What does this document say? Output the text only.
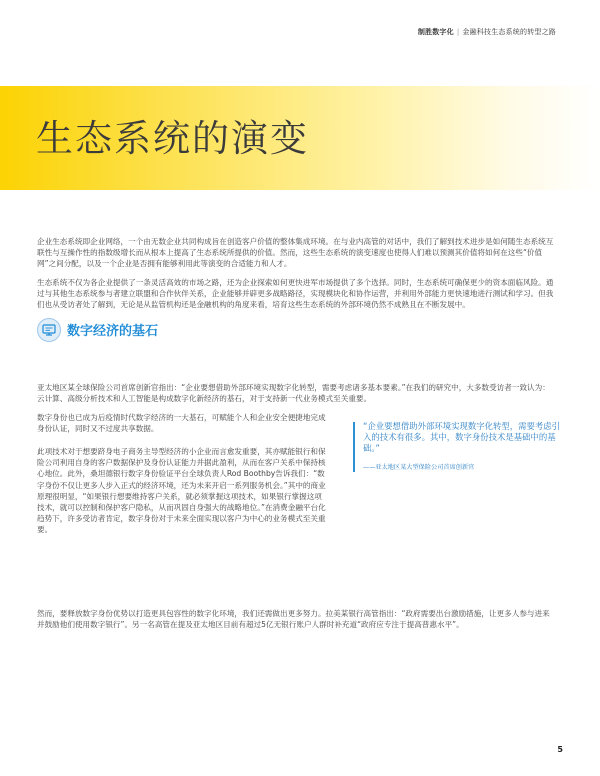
制胜数字化 | 金融科技生态系统的转型之路
生态系统的演变

企业生态系统即企业网络，一个由无数企业共同构成旨在创造客户价值的整体集成环境。在与业内高管的对话中，我们了解到技术进步是如何随生态系统互联性与互操作性的指数级增长而从根本上提高了生态系统所提供的价值。然而，这些生态系统的演变速度也使得人们难以预测其价值将如何在这些“价值网”之间分配，以及一个企业是否拥有能够利用此等演变的合适能力和人才。

生态系统不仅为各企业提供了一条灵活高效的市场之路，还为企业探索如何更快进军市场提供了多个选择。同时，生态系统可确保更少的资本面临风险。通过与其他生态系统参与者建立联盟和合作伙伴关系，企业能够并辟更多战略路径，实现模块化和协作运营，并利用外部能力更快速地进行测试和学习。但我们也从受访者处了解到，无论是从监管机构还是金融机构的角度来看，培育这些生态系统的外部环境仍然不成熟且在不断发展中。

数字经济的基石

亚太地区某全球保险公司首席创新官指出：“企业要想借助外部环境实现数字化转型，需要考虑诸多基本要素。”在我们的研究中，大多数受访者一致认为：云计算、高级分析技术和人工智能是构成数字化新经济的基石，对于支持新一代业务模式至关重要。

数字身份也已成为后疫情时代数字经济的一大基石，可赋能个人和企业安全便捷地完成身份认证，同时又不过度共享数据。

此项技术对于想要跻身电子商务主导型经济的小企业而言愈发重要，其亦赋能银行和保险公司利用自身的客户数据保护及身份认证能力并据此盈利，从而在客户关系中保持核心地位。此外，桑坦德银行数字身份验证平台全球负责人Rod Boothby告诉我们：“数字身份不仅让更多人步入正式的经济环境，还为未来开启一系列服务机会。”其中的商业原理很明显，“如果银行想要维持客户关系，就必须掌握这项技术，如果银行掌握这项技术，就可以控制和保护客户隐私，从而巩固自身强大的战略地位。”在消费金融平台化趋势下，许多受访者肯定，数字身份对于未来全面实现以客户为中心的业务模式至关重要。

“企业要想借助外部环境实现数字化转型，需要考虑引入的技术有很多。其中，数字身份技术是基础中的基础。”
——亚太地区某大型保险公司首席创新官

然而，要释放数字身份优势以打造更具包容性的数字化环境，我们还需做出更多努力。拉美某银行高管指出：“政府需要出台激励措施，让更多人参与进来并鼓励他们使用数字银行”。另一名高管在提及亚太地区目前有超过5亿无银行账户人群时补充道“政府应专注于提高普惠水平”。

5
